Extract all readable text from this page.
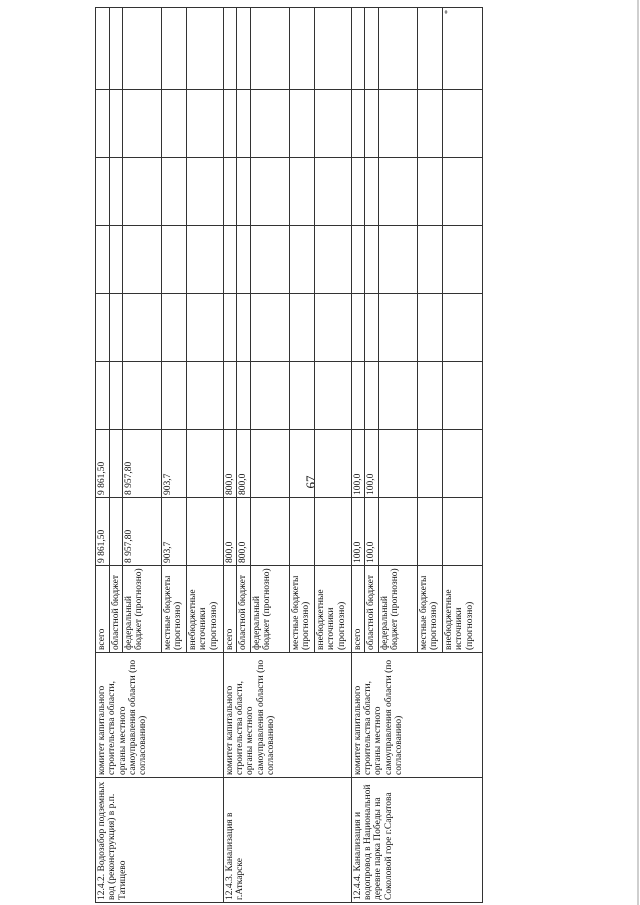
67
12.4.2. Водозабор подземных вод (реконструкция) в р.п. Татищево	комитет капитального строительства области, органы местного самоуправления области (по согласованию)	всего	9 861,50	9 861,50						
		областной бюджет								
		федеральный бюджет (прогнозно)	8 957,80	8 957,80						
		местные бюджеты (прогнозно)	903,7	903,7						
		внебюджетные источники (прогнозно)								
12.4.3. Канализация в г.Аткарске	комитет капитального строительства области, органы местного самоуправления области (по согласованию)	всего	800,0	800,0						
		областной бюджет	800,0	800,0						
		федеральный бюджет (прогнозно)								
		местные бюджеты (прогнозно)								
		внебюджетные источники (прогнозно)								
12.4.4. Канализация и водопровод в Национальной деревне парка Победы на Соколовой горе г.Саратова	комитет капитального строительства области, органы местного самоуправления области (по согласованию)	всего	100,0	100,0						
		областной бюджет	100,0	100,0						
		федеральный бюджет (прогнозно)								
		местные бюджеты (прогнозно)								
		внебюджетные источники (прогнозно)								*
